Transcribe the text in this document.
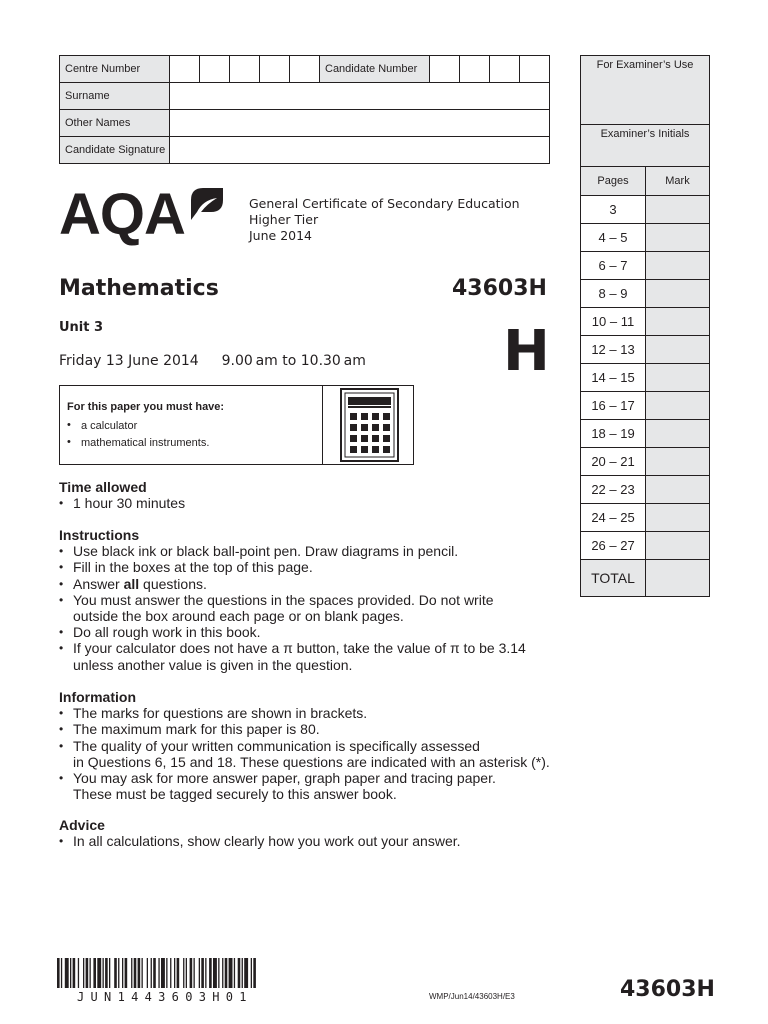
Centre Number						Candidate Number				
Surname										
Other Names										
Candidate Signature										
For Examiner’s Use
Examiner’s Initials
Pages	Mark
3	
4 – 5	
6 – 7	
8 – 9	
10 – 11	
12 – 13	
14 – 15	
16 – 17	
18 – 19	
20 – 21	
22 – 23	
24 – 25	
26 – 27	
TOTAL	
AQA	General Certificate of Secondary Education
Higher Tier
June 2014
Mathematics	43603H
Unit 3
Friday 13 June 2014 9.00 am to 10.30 am H
For this paper you must have:
• a calculator
• mathematical instruments.
Time allowed
• 1 hour 30 minutes
Instructions
• Use black ink or black ball-point pen. Draw diagrams in pencil.
• Fill in the boxes at the top of this page.
• Answer all questions.
• You must answer the questions in the spaces provided. Do not write
outside the box around each page or on blank pages.
• Do all rough work in this book.
• If your calculator does not have a π button, take the value of π to be 3.14
unless another value is given in the question.
Information
• The marks for questions are shown in brackets.
• The maximum mark for this paper is 80.
• The quality of your written communication is specifically assessed
in Questions 6, 15 and 18. These questions are indicated with an asterisk (*).
• You may ask for more answer paper, graph paper and tracing paper.
These must be tagged securely to this answer book.
Advice
• In all calculations, show clearly how you work out your answer.
JUN1443603H01	WMP/Jun14/43603H/E3	43603H
